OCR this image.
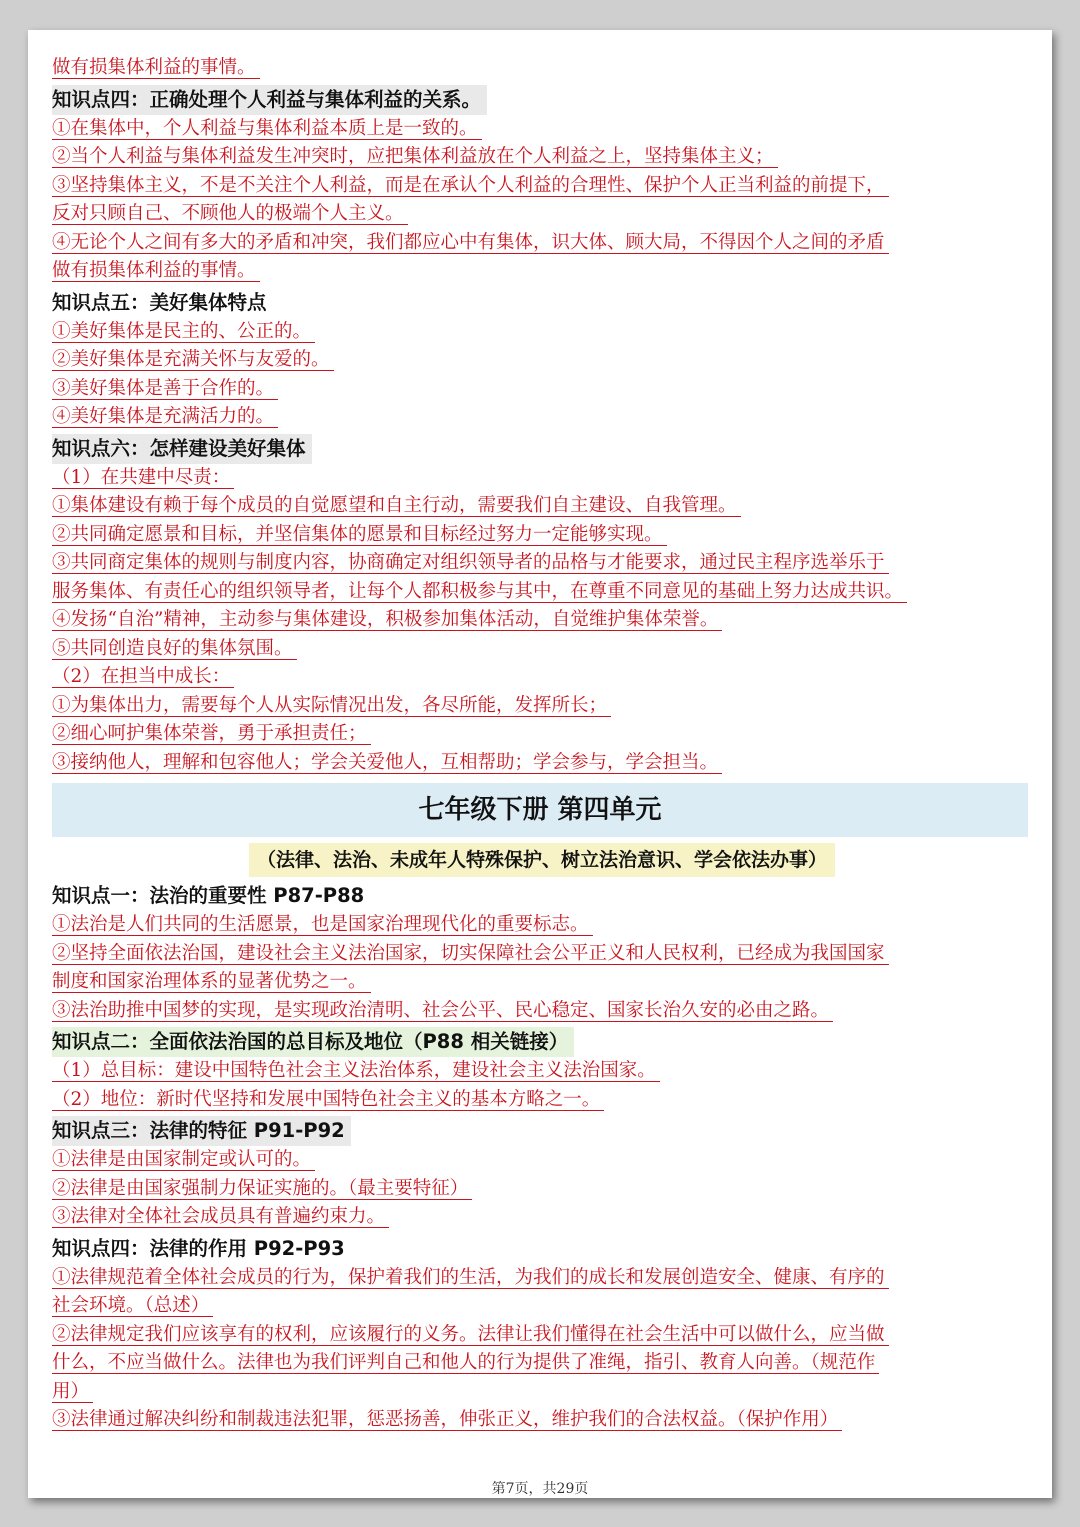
做有损集体利益的事情。
知识点四：正确处理个人利益与集体利益的关系。
①在集体中，个人利益与集体利益本质上是一致的。
②当个人利益与集体利益发生冲突时，应把集体利益放在个人利益之上，坚持集体主义；
③坚持集体主义，不是不关注个人利益，而是在承认个人利益的合理性、保护个人正当利益的前提下，
反对只顾自己、不顾他人的极端个人主义。
④无论个人之间有多大的矛盾和冲突，我们都应心中有集体，识大体、顾大局，不得因个人之间的矛盾
做有损集体利益的事情。
知识点五：美好集体特点
①美好集体是民主的、公正的。
②美好集体是充满关怀与友爱的。
③美好集体是善于合作的。
④美好集体是充满活力的。
知识点六：怎样建设美好集体
（1）在共建中尽责：
①集体建设有赖于每个成员的自觉愿望和自主行动，需要我们自主建设、自我管理。
②共同确定愿景和目标，并坚信集体的愿景和目标经过努力一定能够实现。
③共同商定集体的规则与制度内容，协商确定对组织领导者的品格与才能要求，通过民主程序选举乐于
服务集体、有责任心的组织领导者，让每个人都积极参与其中，在尊重不同意见的基础上努力达成共识。
④发扬“自治”精神，主动参与集体建设，积极参加集体活动，自觉维护集体荣誉。
⑤共同创造良好的集体氛围。
（2）在担当中成长：
①为集体出力，需要每个人从实际情况出发，各尽所能，发挥所长；
②细心呵护集体荣誉，勇于承担责任；
③接纳他人，理解和包容他人；学会关爱他人，互相帮助；学会参与，学会担当。
七年级下册 第四单元
（法律、法治、未成年人特殊保护、树立法治意识、学会依法办事）
知识点一：法治的重要性 P87-P88
①法治是人们共同的生活愿景，也是国家治理现代化的重要标志。
②坚持全面依法治国，建设社会主义法治国家，切实保障社会公平正义和人民权利，已经成为我国国家
制度和国家治理体系的显著优势之一。
③法治助推中国梦的实现，是实现政治清明、社会公平、民心稳定、国家长治久安的必由之路。
知识点二：全面依法治国的总目标及地位（P88 相关链接）
（1）总目标：建设中国特色社会主义法治体系，建设社会主义法治国家。
（2）地位：新时代坚持和发展中国特色社会主义的基本方略之一。
知识点三：法律的特征 P91-P92
①法律是由国家制定或认可的。
②法律是由国家强制力保证实施的。（最主要特征）
③法律对全体社会成员具有普遍约束力。
知识点四：法律的作用 P92-P93
①法律规范着全体社会成员的行为，保护着我们的生活，为我们的成长和发展创造安全、健康、有序的
社会环境。（总述）
②法律规定我们应该享有的权利，应该履行的义务。法律让我们懂得在社会生活中可以做什么，应当做
什么，不应当做什么。法律也为我们评判自己和他人的行为提供了准绳，指引、教育人向善。（规范作
用）
③法律通过解决纠纷和制裁违法犯罪，惩恶扬善，伸张正义，维护我们的合法权益。（保护作用）
第7页，共29页
